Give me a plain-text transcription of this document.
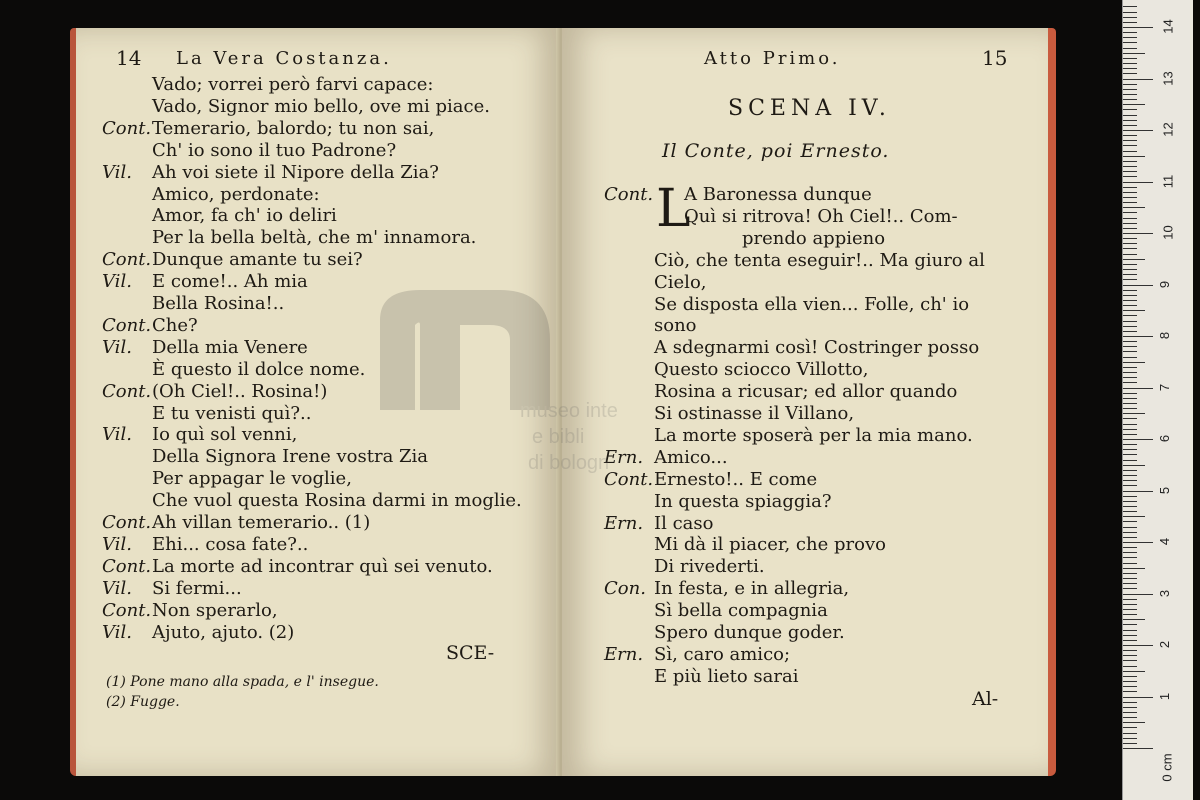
14 La Vera Costanza.
Vado; vorrei però farvi capace:
Vado, Signor mio bello, ove mi piace.
Cont. Temerario, balordo; tu non sai,
Ch' io sono il tuo Padrone?
Vil. Ah voi siete il Nipore della Zia?
Amico, perdonate:
Amor, fa ch' io deliri
Per la bella beltà, che m' innamora.
Cont. Dunque amante tu sei?
Vil. E come!.. Ah mia
Bella Rosina!..
Cont. Che?
Vil. Della mia Venere
È questo il dolce nome.
Cont. (Oh Ciel!.. Rosina!)
E tu venisti quì?..
Vil. Io quì sol venni,
Della Signora Irene vostra Zia
Per appagar le voglie,
Che vuol questa Rosina darmi in moglie.
Cont. Ah villan temerario.. (1)
Vil. Ehi... cosa fate?..
Cont. La morte ad incontrar quì sei venuto.
Vil. Si fermi...
Cont. Non sperarlo,
Vil. Ajuto, ajuto. (2)
SCE-
(1) Pone mano alla spada, e l' insegue.
(2) Fugge.
Atto Primo.	15
SCENA IV.
Il Conte, poi Ernesto.
L
Cont. A Baronessa dunque
Quì si ritrova! Oh Ciel!.. Com-
prendo appieno
Ciò, che tenta eseguir!.. Ma giuro al
Cielo,
Se disposta ella vien... Folle, ch' io
sono
A sdegnarmi così! Costringer posso
Questo sciocco Villotto,
Rosina a ricusar; ed allor quando
Si ostinasse il Villano,
La morte sposerà per la mia mano.
Ern. Amico...
Cont. Ernesto!.. E come
In questa spiaggia?
Ern. Il caso
Mi dà il piacer, che provo
Di rivederti.
Con. In festa, e in allegria,
Sì bella compagnia
Spero dunque goder.
Ern. Sì, caro amico;
E più lieto sarai
Al-	1
2
3
4
5
6
7
8
9
10
11
12
13
14
0 cm
